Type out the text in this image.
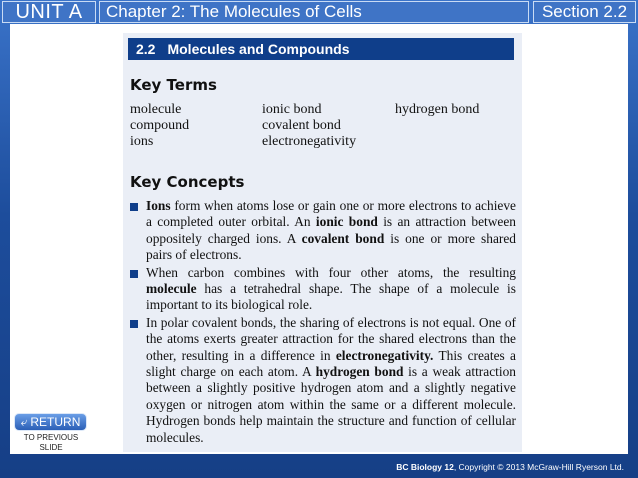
UNIT A	Chapter 2: The Molecules of Cells	Section 2.2
2.2 Molecules and Compounds
Key Terms
molecule
compound
ions
ionic bond
covalent bond
electronegativity
hydrogen bond
Key Concepts
Ions form when atoms lose or gain one or more electrons to achieve a completed outer orbital. An ionic bond is an attraction between oppositely charged ions. A covalent bond is one or more shared pairs of electrons.
When carbon combines with four other atoms, the resulting molecule has a tetrahedral shape. The shape of a molecule is important to its biological role.
In polar covalent bonds, the sharing of electrons is not equal. One of the atoms exerts greater attraction for the shared electrons than the other, resulting in a difference in electronegativity. This creates a slight charge on each atom. A hydrogen bond is a weak attraction between a slightly positive hydrogen atom and a slightly negative oxygen or nitrogen atom within the same or a different molecule. Hydrogen bonds help maintain the structure and function of cellular molecules.
⤶ RETURN
TO PREVIOUS SLIDE
BC Biology 12, Copyright © 2013 McGraw-Hill Ryerson Ltd.
